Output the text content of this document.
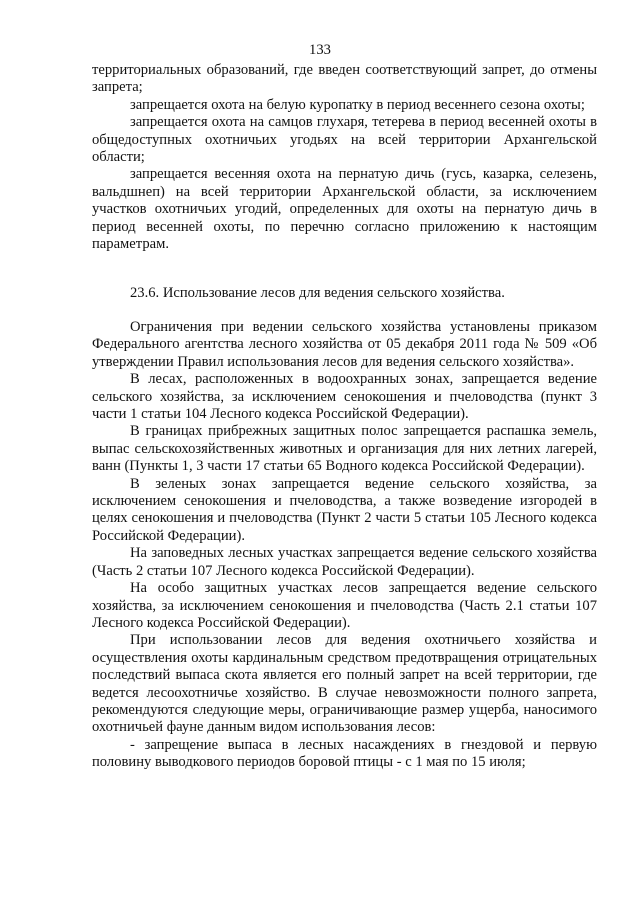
133

территориальных образований, где введен соответствующий запрет, до отмены запрета;

запрещается охота на белую куропатку в период весеннего сезона охоты;

запрещается охота на самцов глухаря, тетерева в период весенней охоты в общедоступных охотничьих угодьях на всей территории Архангельской области;

запрещается весенняя охота на пернатую дичь (гусь, казарка, селезень, вальдшнеп) на всей территории Архангельской области, за исключением участков охотничьих угодий, определенных для охоты на пернатую дичь в период весенней охоты, по перечню согласно приложению к настоящим параметрам.

23.6. Использование лесов для ведения сельского хозяйства.

Ограничения при ведении сельского хозяйства установлены приказом Федерального агентства лесного хозяйства от 05 декабря 2011 года № 509 «Об утверждении Правил использования лесов для ведения сельского хозяйства».

В лесах, расположенных в водоохранных зонах, запрещается ведение сельского хозяйства, за исключением сенокошения и пчеловодства (пункт 3 части 1 статьи 104 Лесного кодекса Российской Федерации).

В границах прибрежных защитных полос запрещается распашка земель, выпас сельскохозяйственных животных и организация для них летних лагерей, ванн (Пункты 1, 3 части 17 статьи 65 Водного кодекса Российской Федерации).

В зеленых зонах запрещается ведение сельского хозяйства, за исключением сенокошения и пчеловодства, а также возведение изгородей в целях сенокошения и пчеловодства (Пункт 2 части 5 статьи 105 Лесного кодекса Российской Федерации).

На заповедных лесных участках запрещается ведение сельского хозяйства (Часть 2 статьи 107 Лесного кодекса Российской Федерации).

На особо защитных участках лесов запрещается ведение сельского хозяйства, за исключением сенокошения и пчеловодства (Часть 2.1 статьи 107 Лесного кодекса Российской Федерации).

При использовании лесов для ведения охотничьего хозяйства и осуществления охоты кардинальным средством предотвращения отрицательных последствий выпаса скота является его полный запрет на всей территории, где ведется лесоохотничье хозяйство. В случае невозможности полного запрета, рекомендуются следующие меры, ограничивающие размер ущерба, наносимого охотничьей фауне данным видом использования лесов:

- запрещение выпаса в лесных насаждениях в гнездовой и первую половину выводкового периодов боровой птицы - с 1 мая по 15 июля;
